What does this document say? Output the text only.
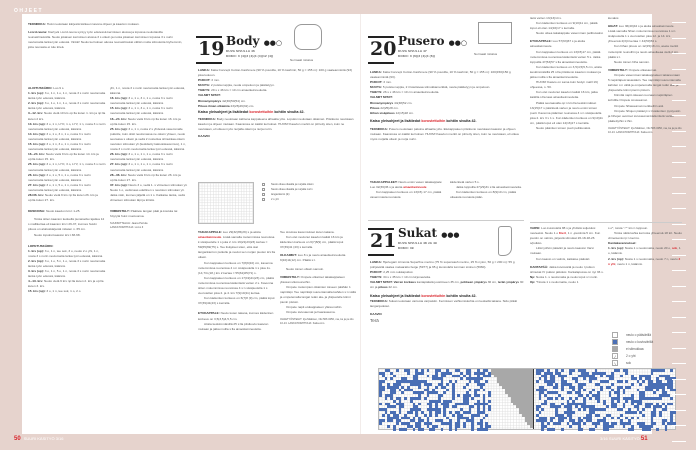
OHJEET
TEKNIIKKA: Huivi neulotaan kärjestä kärkeen tasona ohjeen ja kaavion mukaan.
I-cord-reuna: Kiertyvä i-cord-reuna syntyy työn edetessä kerroksen alussa ja lopussa neulottavilla reunasilmukoilla. Neulo jokaisen kerroksen alussa 3 s oikein ja nosta jokaisen kerroksen lopussa 3 s nurin neulomatta lanka työn edessä. Vinkki! Neulo kerroksen alussa reunasilmukat vähän muita silmukoita löyhemmin, jotta reunasta ei tule kireä.
ALOITUSKÄRKI: Luo 9 s.
1. krs (op): 3 o, 1 n, 1 o, 1 n, nosta 3 s nurin neulomatta lanka työn edessä, käännä.
2. krs (np): 3 o, 1 o, 1 n, 1 o, nosta 3 s nurin neulomatta lanka työn edessä, käännä.
3.–12. krs: Neulo vielä 10 krs op:lla kuten 1. krs ja np:lla kuten 2 krs.
13. krs (op): 3 o, 1 n, LYO, 1 o, LYV, 1 n, nosta 3 s nurin neulomatta lanka työn edessä, käännä.
14. krs (np): 3 o, 1 o, 3 n, 1 o, nosta 3 s nurin neulomatta lanka työn edessä, käännä.
15. krs (op): 3 o, 1 n, 3 o, 1 n, nosta 3 s nurin neulomatta lanka työn edessä, käännä.
16.–24. krs: Neulo vielä 9 krs op:lla kuten 14. krs ja op:lla kuten 15. krs.
25. krs (op): 3 o, 1 n, LYO, 3 o, LYV, 1 n, nosta 3 s nurin neulomatta lanka työn edessä, käännä.
26. krs (np): 3 o, 1 o, 5 n, 1 o, nosta 3 s nurin neulomatta lanka työn edessä, käännä.
27. krs (op): 3 o, 1 n, 5 o, 1 n, nosta 3 s nurin neulomatta lanka työn edessä, käännä.
28./36. krs: Neulo vielä 9 krs np:lla kuten 26. krs ja op:lla kuten 27. krs.
KESKIOSA: Neulo kaavion krs:t 1-25.
Toista sitten kaavion keskellä punaisella rajattua 12 s mallikertaa eli kaavion krs:t 26-37, kunnes huivin pituus on aloituskärjestä mitaten n. 65 cm.
Neulo lopuksi kaavion krs:t 38-68.
LOPETUSKÄRKI:
1. krs (op): 3 o, 1 n, tee sok, 3 o, neulo 2 o yht, 1 n, nosta 3 s nurin neulomatta lanka työn edessä, käännä.
2. krs (np): 3 o, 1 o, 5 n, 1 o, nosta 3 s nurin neulomatta lanka työn edessä, käännä.
3. krs (op): 3 o, 1 n, 5 o, 1 n, nosta 3 s nurin neulomatta lanka työn edessä, käännä.
4.–13. krs: Neulo vielä 9 krs np:lla kuten 2. krs ja op:lla kuten 3. krs.
15. krs (op): 3 o, 1 n, tee sok, 1 o, 2 o
yht, 1 n, nosta 3 s nurin neulomatta lanka työn edessä, käännä.
16. krs (np): 3 o, 1 o, 3 n, 1 o, nosta 3 s nurin neulomatta lanka työn edessä, käännä.
15. krs (op): 3 o, 1 n, 3 o, 1 n, nosta 3 s nurin neulomatta lanka työn edessä, käännä.
16.–24. krs: Neulo vielä 9 krs np:lla kuten 16. krs ja op:lla kuten 15. krs.
25. krs (op): 3 o, 1 n, nosta 2 s yhdessä vasemmalle puikolle, kuin olisit neulomassa ne oikein yhteen, neulo seuraava s oikein ja vedä 2 nostettua silmukkaa oikein neulotun silmukan yli (keskitetty kaksoiskavennus), 1 n, nosta 3 s nurin neulomatta lanka työn edessä, käännä.
26. krs (np): 3 o, 1 o, 1 n, 1 o, nosta 3 s nurin neulomatta lanka työn edessä, käännä.
27. krs (op): 3 o, 1 n, 1 o, 1 n, nosta 3 s nurin neulomatta lanka työn edessä, käännä.
28.–36. krs: Neulo vielä 9 krs np:lla kuten 26. krs ja op:lla kuten 27. krs.
37. krs (op): Neulo 3 o, vedä 1. s viimeisen silmukan yli. Neulo 1 o, vedä taas edellinen s neulotun silmukan yli. Jatka näin, kunnes jäljellä on 1 s. Katkaise lanka, vedä viimeisen silmukan läpi ja kiristä.
VIIMEISTELY: Päättele langan päät ja kostuta tai höyrytä huivi muotoonsa.
SUUNNITTELIJA: Jaana Pertula
LANKATOIMITTAJA: xxxxx.fi
19 Body ●●○
KUVA SIVULLA 46
KOKO: 0 (4)(3 (4)(4 (4)(12 (4))
Normaali mitoitus
LANKA: Katia Concept Cotton-Cashmere (90 % puuvilla, 10 % kashmir, 50 g = 155 m): 100 g vaaleanmintä (93) joka kokoon.
PUIKOT: 3 mm.
MUUTA: 2 puista nappia, neula ompeluun ja päättelyyn.
TIHEYS: 29 s x 46 krs = 10 cm ainaoikeinneuletta.
VALMIIT MITAT:
Rinnanympärys 42(46)50(54) cm.
Pituus ilman olkaimia 23(26)29(32) cm.
Katso yleisohjeet ja lisätiedot korostettuihin kohtiin sivulta 42.
TEKNIIKKA: Body neulotaan kahtena kappaleena alhaalta ylös. Lopuksi neulotaan olkaimet. Pitsikuvio neulotaan kaavion ja ohjeen mukaan. Kaaviossa on kaikki kerrokset. HUOM! Kaavion merkit on piirretty siten, kuin ne neulotaan, eli oikea myös nurjalla oikein ja nurja nurin.
KAAVIO
Neulo oikea oikealla ja nurjalla oikein
Neulo oikea oikealla ja nurjalla nurin
langankierto (lk)
2 o yht
TAKAKAPPALE: Luo 29(32)35(29) s ja aloita ainaoikeinneule. Lisää samalla molemmissa reunoissa k sisäpuolelle 1 s joka 2. krs 19(21)23(23) kertaa = 59(65)69(75) s. Tee lisäykset siten, että otat langankierron puikolle ja neulot sen nurjan puolen krs:lla oikein.
Kun kappaleen korkeus on 7(8)9(10) cm, kavenna molemmissa reunoissa 4 s:n sisäpuolella 1 s joka 1s.(14,7/4,(18,) krs 2 kertaa = 55(61)65(71) s.
Kun kappaleen korkeus on 17(19)21(23) cm, päätä molemmissa reunoissa kädentietä varten 2 s. Kavenna sitten molemmissa reunoissa 4 s:n sisäpuolella 1 s vuorotellen joka 2. ja 4. krs 7(9)10(11) kertaa.
Kun kädentien korkeus on 6(7)8 (9) cm, päätä loput 37(39)41(43) s kerralla.
ETUKAPPALE: Neulo kuten takana, kunnes kädentien korkeus on 3,5(3,5)4,5,5 cm.
Aloita keskimmäisillä 25 s:lla pitsikuvio kaavion mukaan ja jatka muilla s:lla ainaoikeinneuletta.
Tee sivuissa kavennukset kuten takana.
Kun olet neulonut kaavion kaikki 16 krs ja kädentien korkeus on 6(7)8(9) cm, päätä loput 37(39)41 (43) s kerralla.
OLKAIMET: Luo 8 s ja neulo ainaoikeinneuletta 9(10)11(12) cm. Päätä s:t.
Neulo toinen olkain samoin.
VIIMEISTELY: Ompele olkaimet takakappaleen yläosan ulkoreunoihin.
Ompele molempien olkainten toiseen päähän 1 napinläpi. Tee napinläpi suurentamalla kahden s:n väliä ja ompelemalla langat reiän ala- ja yläpuolelle kiinni pienin pistoin.
Ompele napit etukappaleen yläreunoihin.
Ompele sivusaumat ja haarasauma.
OHJETYÖSTEILIT: Irja Mäkinen, Oki 566 3256, ma, ke ja pe klo 10-13. LANKATOIMITTAJA: Katia.com.
20 Pusero ●●○
KUVA SIVULLA 47
KOKO: 0 (6)(3 (4)(4 (6))	Normaali mitoitus
LANKA: Katia Concept Cotton-Cashmere (90 % puuvilla, 10 % kashmir, 50 g = 155 m): 100(150)150 g vaaleanmintä (93).
PUIKOT: 3 mm.
MUUTA: 5 puista nappia, 2 irrotettavaa silmukkamerkkiä, neula päättelyyn ja ompeluun.
TIHEYS: 26 s x 46 krs = 10 cm ainaoikeinneuletta.
VALMIIT MITAT:
Rinnanympärys 44(48)52 cm.
Pituus 22(25)28 cm.
Hihan sisäpituus 12(15)18 cm.
Katso yleisohjeet ja lisätiedot korostettuihin kohtiin sivulta 42.
TEKNIIKKA: Pusero neulotaan paloina alhaalta ylös. Etukappaleen pitsikuvio neulotaan kaavion ja ohjeen mukaan. Kaaviossa on kaikki kerrokset. HUOM! Kaavion merkit on piirretty siten, kuin ne neulotaan, eli oikea myös nurjalla oikein ja nurja nurin.
TAKAKAPPALEET: Neulo ensin vasen takakappale: Luo 32(36)36 s ja aloita ainaoikeinneule
Kun kappaleen korkeus on 13(15) 17 cm, päätä vasemmasta reunasta
kädentietä varten 5 s.
Jatka loppuilla 27(29)31 s:lla ainaoikeinneuletta.
Kun kädentien korkeus on 8(9)10 cm, päätä oikeasta reunasta pään-
tietä varten 13(13)14 s.
Kun kädentien korkeus on 9(10)11 cm, päätä loput eli olan 14(16)17 s kerralla.
Neulo oikea takakappale vasemman peilikuvaksi.
ETUKAPPALE: Luo 57(63)67 s ja aloita ainaoikeinneule.
Kun kappaleen korkeus on 13(15)17 cm, päätä molemmissa reunoissa kädentietä varten 5 s. Jatka loppuilla 47(53)57 s:lla ainaoikeinneuletta.
Kun kädentien korkeus on 3,5(4,5)5,5 cm, aloita keskimmäisillä 25 s:lla pitsikuvio kaavion mukaan ja jatka muilla s:lla ainaoikeinneuletta.
HUOM! Kaavio on sama kuin bodyn mallI 19) ohjeessa, s. 50.
Kun olet neulonut kaavion kaikki 16 krs, jatka kaikilla s:lla taas ainaoikeinneuletta.
Päätä seuraavalla op:n krs:lla keskimmäiset 13(15)17 s pääntietä varten ja neulo ensin toinen puoli. Kavenna pääntien reunassa 4 s:n sisäpuolella joka 2. krs 3 x 1 s. Kun kädentien korkeus on 9(10)11 cm, päätä loput eli olan 14(16)17 s kerralla.
Neulo pääntien toinen puoli peilikuvaksi.
kuvaksi.
HIHAT: Luo 36(40)42 s ja aloita ainaoikeinneule. Lisää samalla hihan molemmissa reunoissa 1 s:n sisäpuolella 1 s vuorotellen joka 12. ja 14. krs yhteensä 4(3)4 kertaa = 44(50)54 s.
Kun hihan pituus on 12(15)18 cm, aseta merkit molempiin reunoihin ja neulo ainaoikeaa vielä 2 cm, päätä s:t.
Neulo toinen hiha samoin.
VIIMEISTELY: Ompele olkasaumat.
Ompele vasemman takakappaleen takareunaan 5 napinläpeä tasavälein. Tee napinläpi suurentamalla kahden s:n väliä ja ompelemalla langat reiän ala- ja yläpuolelle kiinni pienin pistoin.
Kiinnitä napit oikeaan reunaan napinläpien kohdille.Ompele sivusaumat.
Ompele hihasaumat merkkeihin asti.
Ompele hihojen päätetyt s:t kädentien pystyosiin ja hihojen avoimet sivusaumat kädentietä varten päätettyihin s:ihin.
OHJETYÖSTEILIT: Irja Mäkinen, Oki 566 3256, ma, ke ja pe klo 10-13. LANKATOIMITTAJA: Katia.com.
21 Sukat ●●●
KUVA SIVULLA 48 JA 49
KOKO: 39
LANKA: Hjertegarn Armonia Superfine merino (75 % superwash merino, 25 % nylon, 50 g = 200 m): 55 g pohjaväriä vaalea melaarattu beige (5977) ja 65 g kuvioväriä tumman sininen (5660).
PUIKOT: 2,25 mm sukkapuikot.
TIHEYS: 34 s x 35 krs = 10 cm kirjoneuletta.
VALMIIT MITAT: Varren korkeus kantapäästä joustimeen 35 cm, pohkeen ympärys 36 cm, terän ympärys 30 cm ja pituus 22 cm.
Katso yleisohjeet ja lisätiedot korostettuihin kohtiin sivulta 42.
TEKNIIKKA: Sukat neulotaan varresta varpaisiin. Kerroksen vaihtumiskohta on keskellä takana. Sido pitkät langanjuoksut.
KAAVIO
Terä
VARSI: Luo kuvioväriä 88 s ja yhdistä suljetuksi neuleeksi. Neulo 1 o Kiert, 1 n -joustinta 5 cm. Kun joustin on valmis, järjestä silmukat 26-18-18-26 s/puikko.
Liitä työhön pääväri ja neulo kaavion Varsi mukaan.
Kun kaavio on valmis, katkaise pääväri.
KANTAPÄÄ: Jatka kuvioväriä ja neulo I puikon silmukat IV puikon jatkoksi. Kantalapussa on nyt 36 s.
Np: Nosta 1. s neulomatta ja neulo loput s:t nurin.
Op: *Nosta 1 s neulomatta, neulo 1
s o*, toista "-*" krs:n loppuun.
Toista näitä kahta kerrosta yhteensä 18 krt. Neulo viimeisenä np:n kerros.
Kantakavennukset:
1. krs (op): Nosta 1 s neulomatta, neulo 20 o, sok, 1 o, käännä.
2. krs (np): Nosta 1 s neulomatta, neulo 7 n, neulo 2 n yht, neulo 1 n, käännä.
neulo o päävärillä
neulo o kuvioväriliä
ei silmukkaa
/	2 o yht
\	sok
50 SUURI KÄSITYÖ 3/16	3/16 SUURI KÄSITYÖ 51
